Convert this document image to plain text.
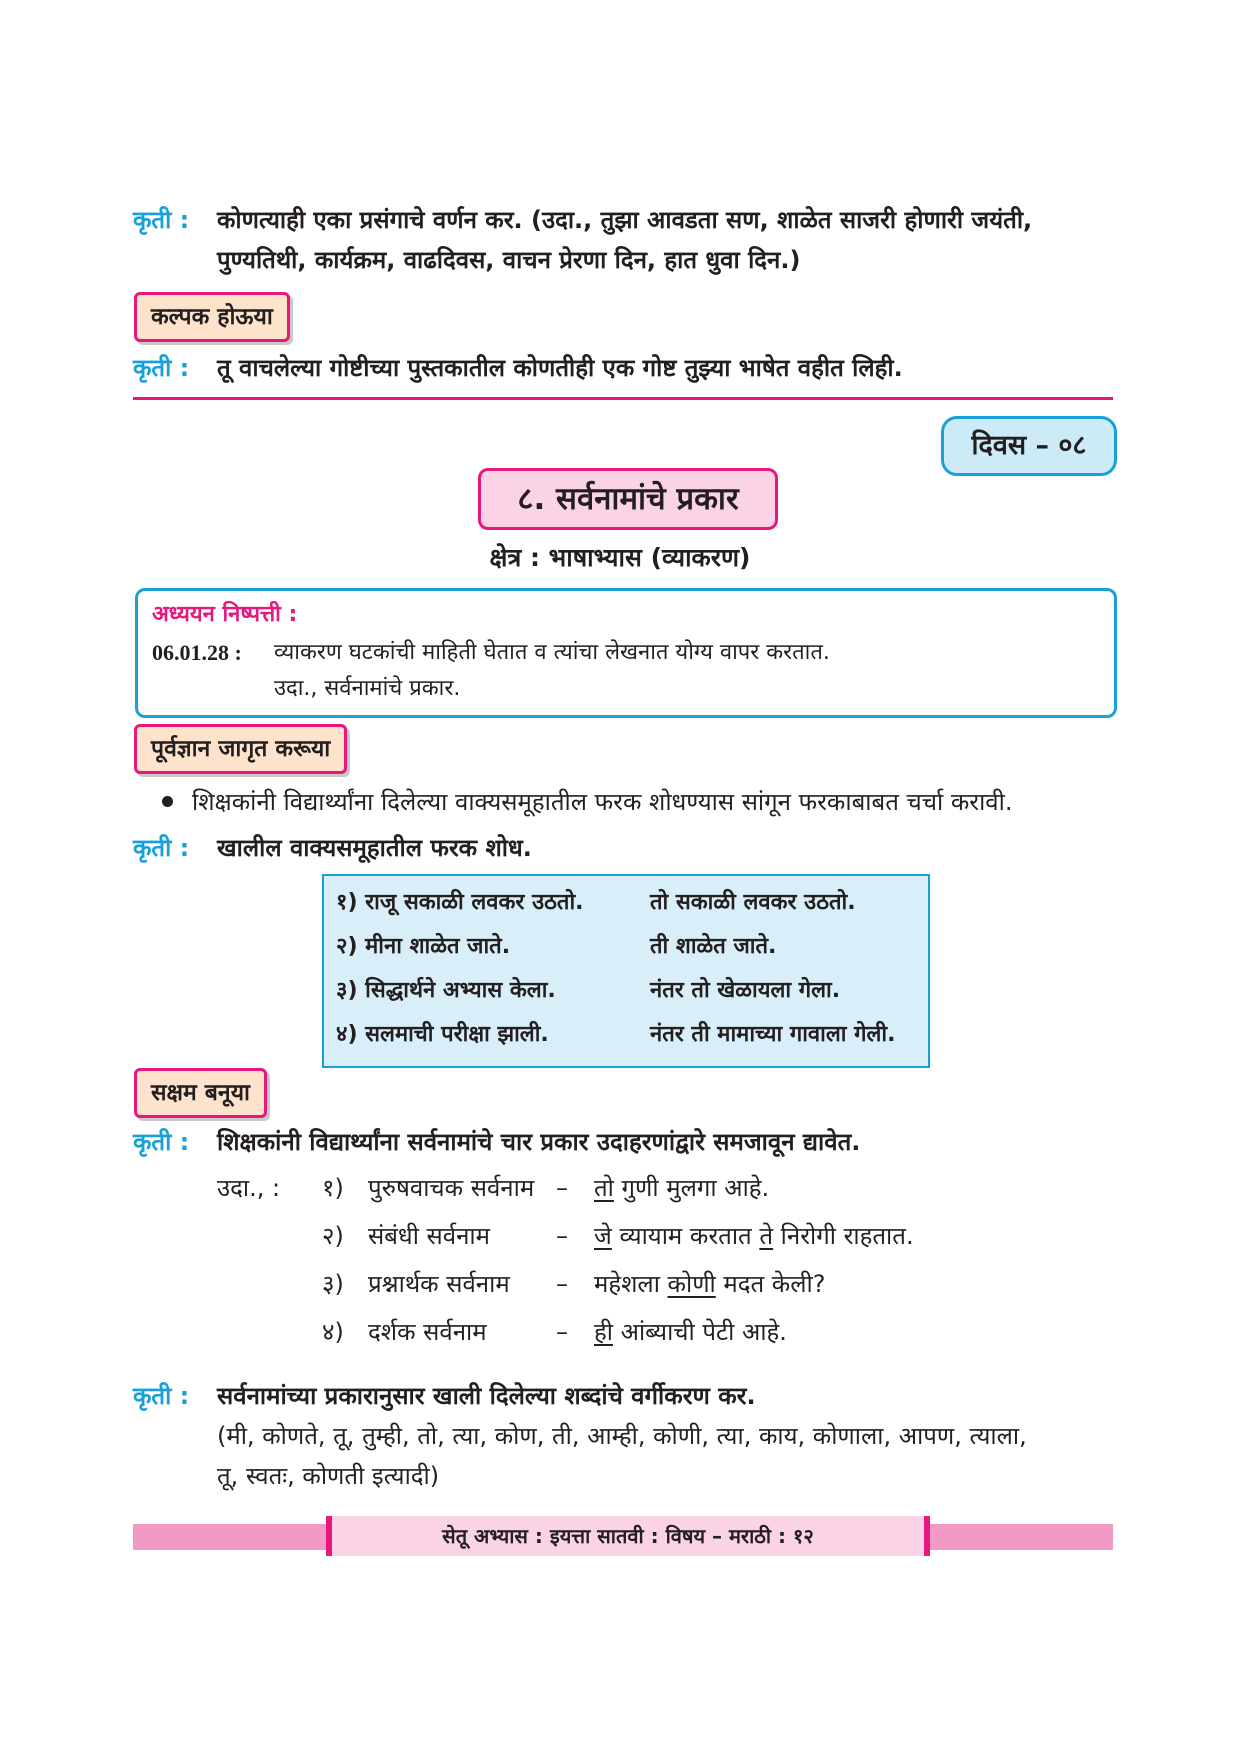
कृती : कोणत्याही एका प्रसंगाचे वर्णन कर. (उदा., तुझा आवडता सण, शाळेत साजरी होणारी जयंती,
पुण्यतिथी, कार्यक्रम, वाढदिवस, वाचन प्रेरणा दिन, हात धुवा दिन.)
कल्पक होऊया
कृती : तू वाचलेल्या गोष्टीच्या पुस्तकातील कोणतीही एक गोष्ट तुझ्या भाषेत वहीत लिही.
दिवस – ०८
८. सर्वनामांचे प्रकार
क्षेत्र : भाषाभ्यास (व्याकरण)
अध्ययन निष्पत्ती :
06.01.28 : व्याकरण घटकांची माहिती घेतात व त्यांचा लेखनात योग्य वापर करतात.
उदा., सर्वनामांचे प्रकार.
पूर्वज्ञान जागृत करूया
शिक्षकांनी विद्यार्थ्यांना दिलेल्या वाक्यसमूहातील फरक शोधण्यास सांगून फरकाबाबत चर्चा करावी.
कृती : खालील वाक्यसमूहातील फरक शोध.
१) राजू सकाळी लवकर उठतो.	तो सकाळी लवकर उठतो.
२) मीना शाळेत जाते.	ती शाळेत जाते.
३) सिद्धार्थने अभ्यास केला.	नंतर तो खेळायला गेला.
४) सलमाची परीक्षा झाली.	नंतर ती मामाच्या गावाला गेली.
सक्षम बनूया
कृती : शिक्षकांनी विद्यार्थ्यांना सर्वनामांचे चार प्रकार उदाहरणांद्वारे समजावून द्यावेत.
उदा., : १) पुरुषवाचक सर्वनाम – तो गुणी मुलगा आहे.
२) संबंधी सर्वनाम	– जे व्यायाम करतात ते निरोगी राहतात.
३) प्रश्नार्थक सर्वनाम – महेशला कोणी मदत केली?
४) दर्शक सर्वनाम	– ही आंब्याची पेटी आहे.
कृती : सर्वनामांच्या प्रकारानुसार खाली दिलेल्या शब्दांचे वर्गीकरण कर.
(मी, कोणते, तू, तुम्ही, तो, त्या, कोण, ती, आम्ही, कोणी, त्या, काय, कोणाला, आपण, त्याला,
तू, स्वतः, कोणती इत्यादी)
सेतू अभ्यास : इयत्ता सातवी : विषय – मराठी : १२
